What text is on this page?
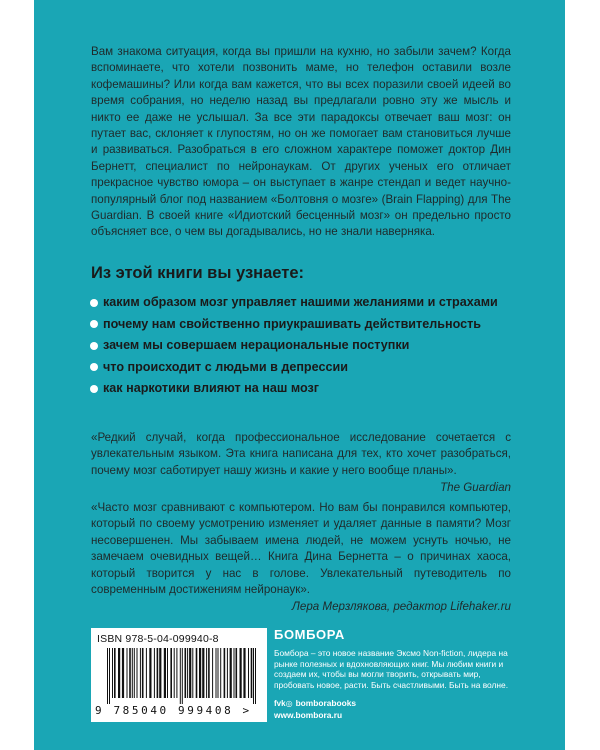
Вам знакома ситуация, когда вы пришли на кухню, но забыли зачем? Когда вспоминаете, что хотели позвонить маме, но телефон оставили возле кофемашины? Или когда вам кажется, что вы всех поразили своей идеей во время собрания, но неделю назад вы предлагали ровно эту же мысль и никто ее даже не услышал. За все эти парадоксы отвечает ваш мозг: он путает вас, склоняет к глупостям, но он же помогает вам становиться лучше и развиваться. Разобраться в его сложном характере поможет доктор Дин Бернетт, специалист по нейронаукам. От других ученых его отличает прекрасное чувство юмора – он выступает в жанре стендап и ведет научно-популярный блог под названием «Болтовня о мозге» (Brain Flapping) для The Guardian. В своей книге «Идиотский бесценный мозг» он предельно просто объясняет все, о чем вы догадывались, но не знали наверняка.

Из этой книги вы узнаете:
каким образом мозг управляет нашими желаниями и страхами
почему нам свойственно приукрашивать действительность
зачем мы совершаем нерациональные поступки
что происходит с людьми в депрессии
как наркотики влияют на наш мозг
«Редкий случай, когда профессиональное исследование сочетается с увлекательным языком. Эта книга написана для тех, кто хочет разобраться, почему мозг саботирует нашу жизнь и какие у него вообще планы».
The Guardian
«Часто мозг сравнивают с компьютером. Но вам бы понравился компьютер, который по своему усмотрению изменяет и удаляет данные в памяти? Мозг несовершенен. Мы забываем имена людей, не можем уснуть ночью, не замечаем очевидных вещей… Книга Дина Бернетта – о причинах хаоса, который творится у нас в голове. Увлекательный путеводитель по современным достижениям нейронаук».
Лера Мерзлякова, редактор Lifehaker.ru
ISBN 978-5-04-099940-8
9 785040 999408 >
БОМБОРА
Бомбора – это новое название Эксмо Non-fiction, лидера на рынке полезных и вдохновляющих книг. Мы любим книги и создаем их, чтобы вы могли творить, открывать мир, пробовать новое, расти. Быть счастливыми. Быть на волне.
fvk◎ bomborabooks
www.bombora.ru
